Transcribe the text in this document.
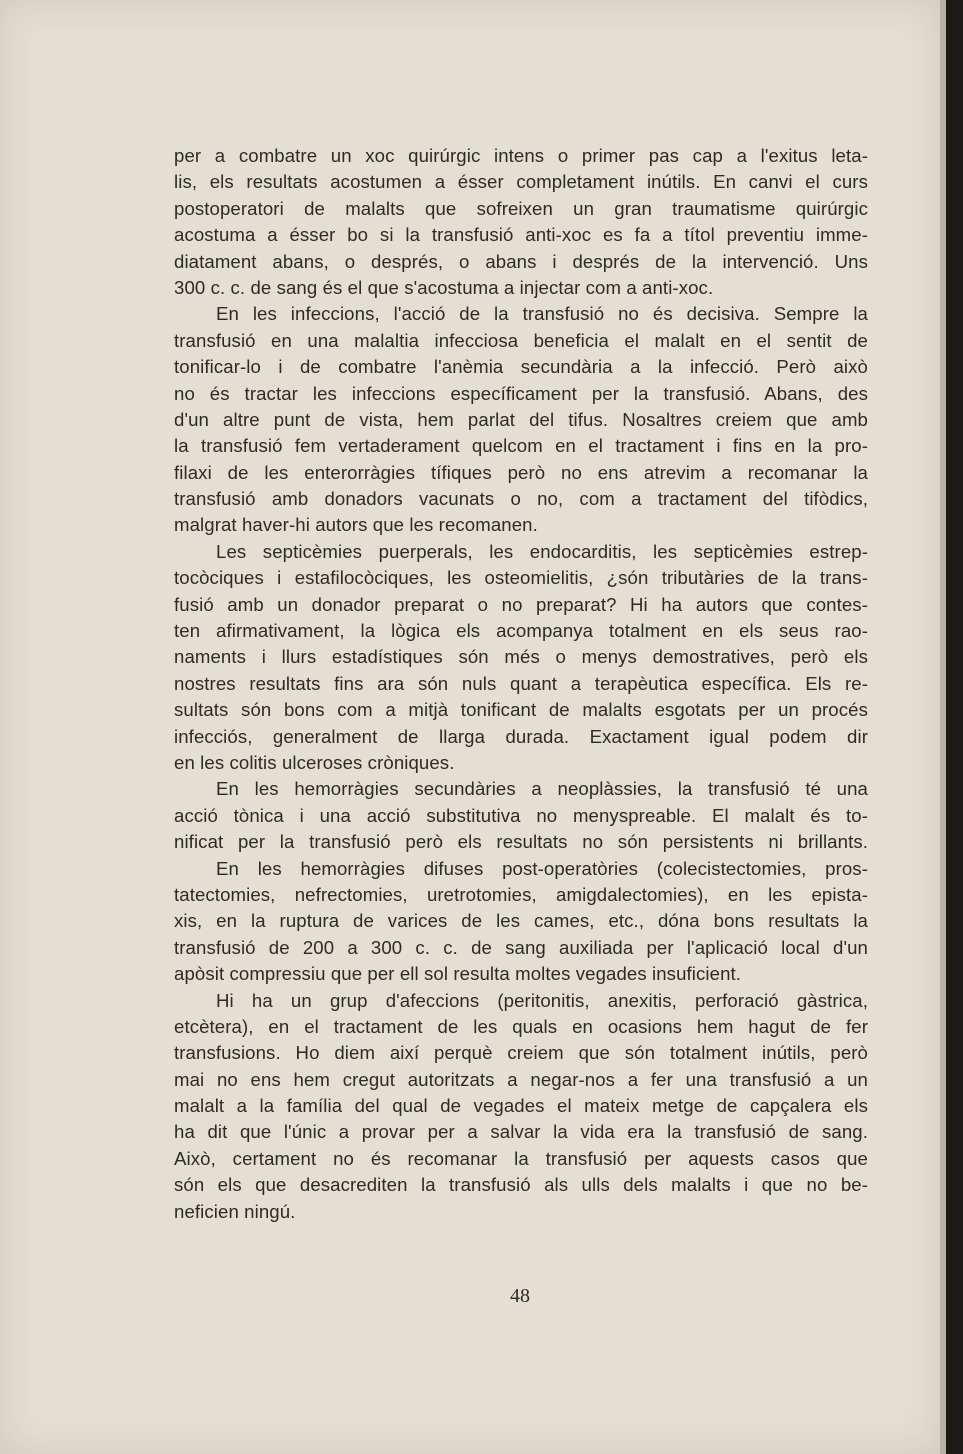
per a combatre un xoc quirúrgic intens o primer pas cap a l'exitus leta-
lis, els resultats acostumen a ésser completament inútils. En canvi el curs
postoperatori de malalts que sofreixen un gran traumatisme quirúrgic
acostuma a ésser bo si la transfusió anti-xoc es fa a títol preventiu imme-
diatament abans, o després, o abans i després de la intervenció. Uns
300 c. c. de sang és el que s'acostuma a injectar com a anti-xoc.
En les infeccions, l'acció de la transfusió no és decisiva. Sempre la
transfusió en una malaltia infecciosa beneficia el malalt en el sentit de
tonificar-lo i de combatre l'anèmia secundària a la infecció. Però això
no és tractar les infeccions específicament per la transfusió. Abans, des
d'un altre punt de vista, hem parlat del tifus. Nosaltres creiem que amb
la transfusió fem vertaderament quelcom en el tractament i fins en la pro-
filaxi de les enterorràgies tífiques però no ens atrevim a recomanar la
transfusió amb donadors vacunats o no, com a tractament del tifòdics,
malgrat haver-hi autors que les recomanen.
Les septicèmies puerperals, les endocarditis, les septicèmies estrep-
tocòciques i estafilocòciques, les osteomielitis, ¿són tributàries de la trans-
fusió amb un donador preparat o no preparat? Hi ha autors que contes-
ten afirmativament, la lògica els acompanya totalment en els seus rao-
naments i llurs estadístiques són més o menys demostratives, però els
nostres resultats fins ara són nuls quant a terapèutica específica. Els re-
sultats són bons com a mitjà tonificant de malalts esgotats per un procés
infecciós, generalment de llarga durada. Exactament igual podem dir
en les colitis ulceroses cròniques.
En les hemorràgies secundàries a neoplàssies, la transfusió té una
acció tònica i una acció substitutiva no menyspreable. El malalt és to-
nificat per la transfusió però els resultats no són persistents ni brillants.
En les hemorràgies difuses post-operatòries (colecistectomies, pros-
tatectomies, nefrectomies, uretrotomies, amigdalectomies), en les epista-
xis, en la ruptura de varices de les cames, etc., dóna bons resultats la
transfusió de 200 a 300 c. c. de sang auxiliada per l'aplicació local d'un
apòsit compressiu que per ell sol resulta moltes vegades insuficient.
Hi ha un grup d'afeccions (peritonitis, anexitis, perforació gàstrica,
etcètera), en el tractament de les quals en ocasions hem hagut de fer
transfusions. Ho diem així perquè creiem que són totalment inútils, però
mai no ens hem cregut autoritzats a negar-nos a fer una transfusió a un
malalt a la família del qual de vegades el mateix metge de capçalera els
ha dit que l'únic a provar per a salvar la vida era la transfusió de sang.
Això, certament no és recomanar la transfusió per aquests casos que
són els que desacrediten la transfusió als ulls dels malalts i que no be-
neficien ningú.
48
